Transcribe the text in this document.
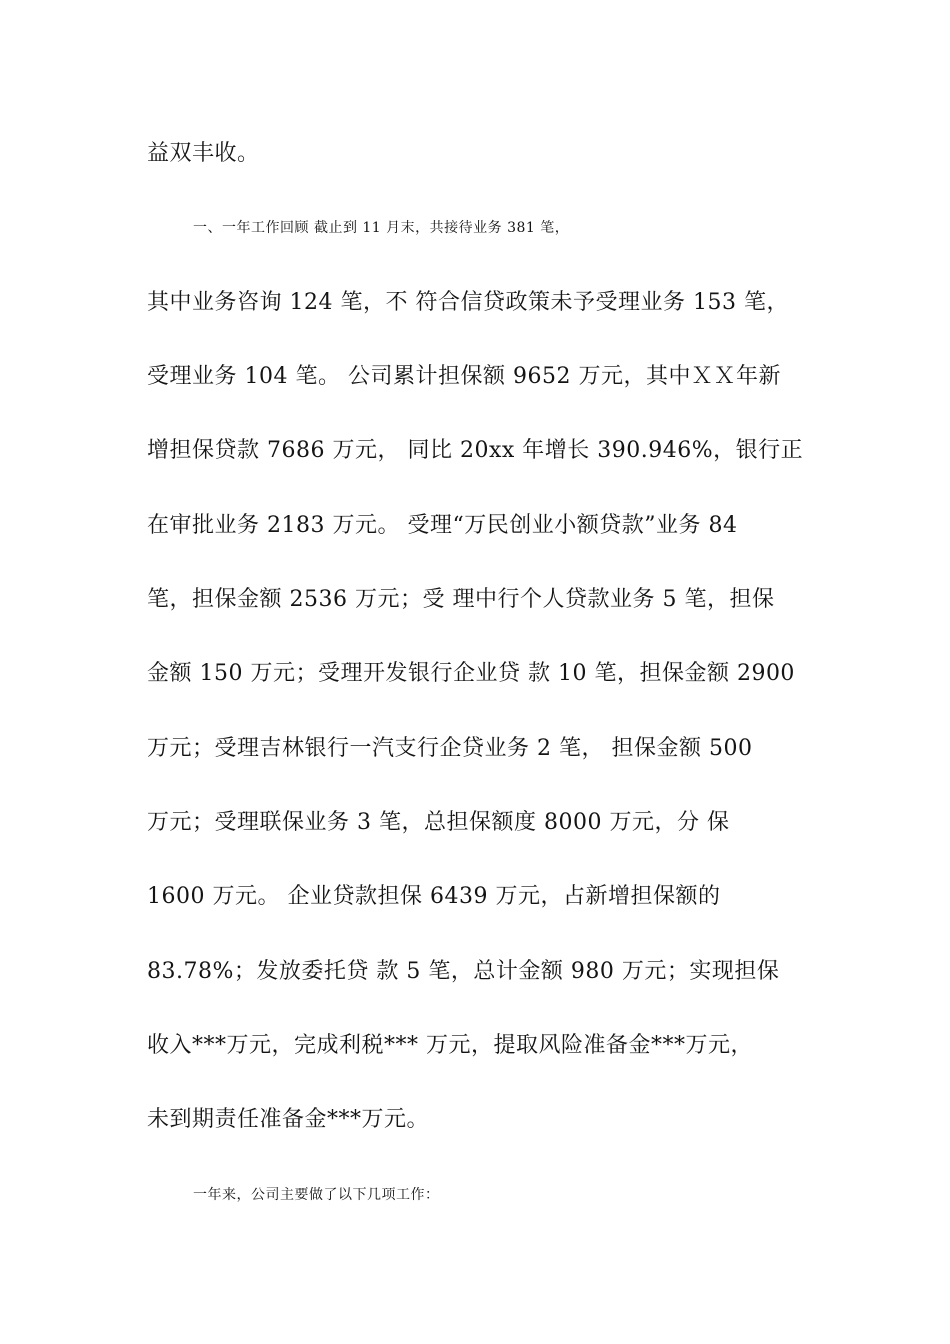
益双丰收。
一、一年工作回顾 截止到 11 月末，共接待业务 381 笔，
其中业务咨询 124 笔，不 符合信贷政策未予受理业务 153 笔，
受理业务 104 笔。 公司累计担保额 9652 万元，其中ＸＸ年新
增担保贷款 7686 万元， 同比 20xx 年增长 390.946%，银行正
在审批业务 2183 万元。 受理“万民创业小额贷款”业务 84
笔，担保金额 2536 万元；受 理中行个人贷款业务 5 笔，担保
金额 150 万元；受理开发银行企业贷 款 10 笔，担保金额 2900
万元；受理吉林银行一汽支行企贷业务 2 笔， 担保金额 500
万元；受理联保业务 3 笔，总担保额度 8000 万元，分 保
1600 万元。 企业贷款担保 6439 万元，占新增担保额的
83.78%；发放委托贷 款 5 笔，总计金额 980 万元；实现担保
收入***万元，完成利税*** 万元，提取风险准备金***万元，
未到期责任准备金***万元。
一年来，公司主要做了以下几项工作：
